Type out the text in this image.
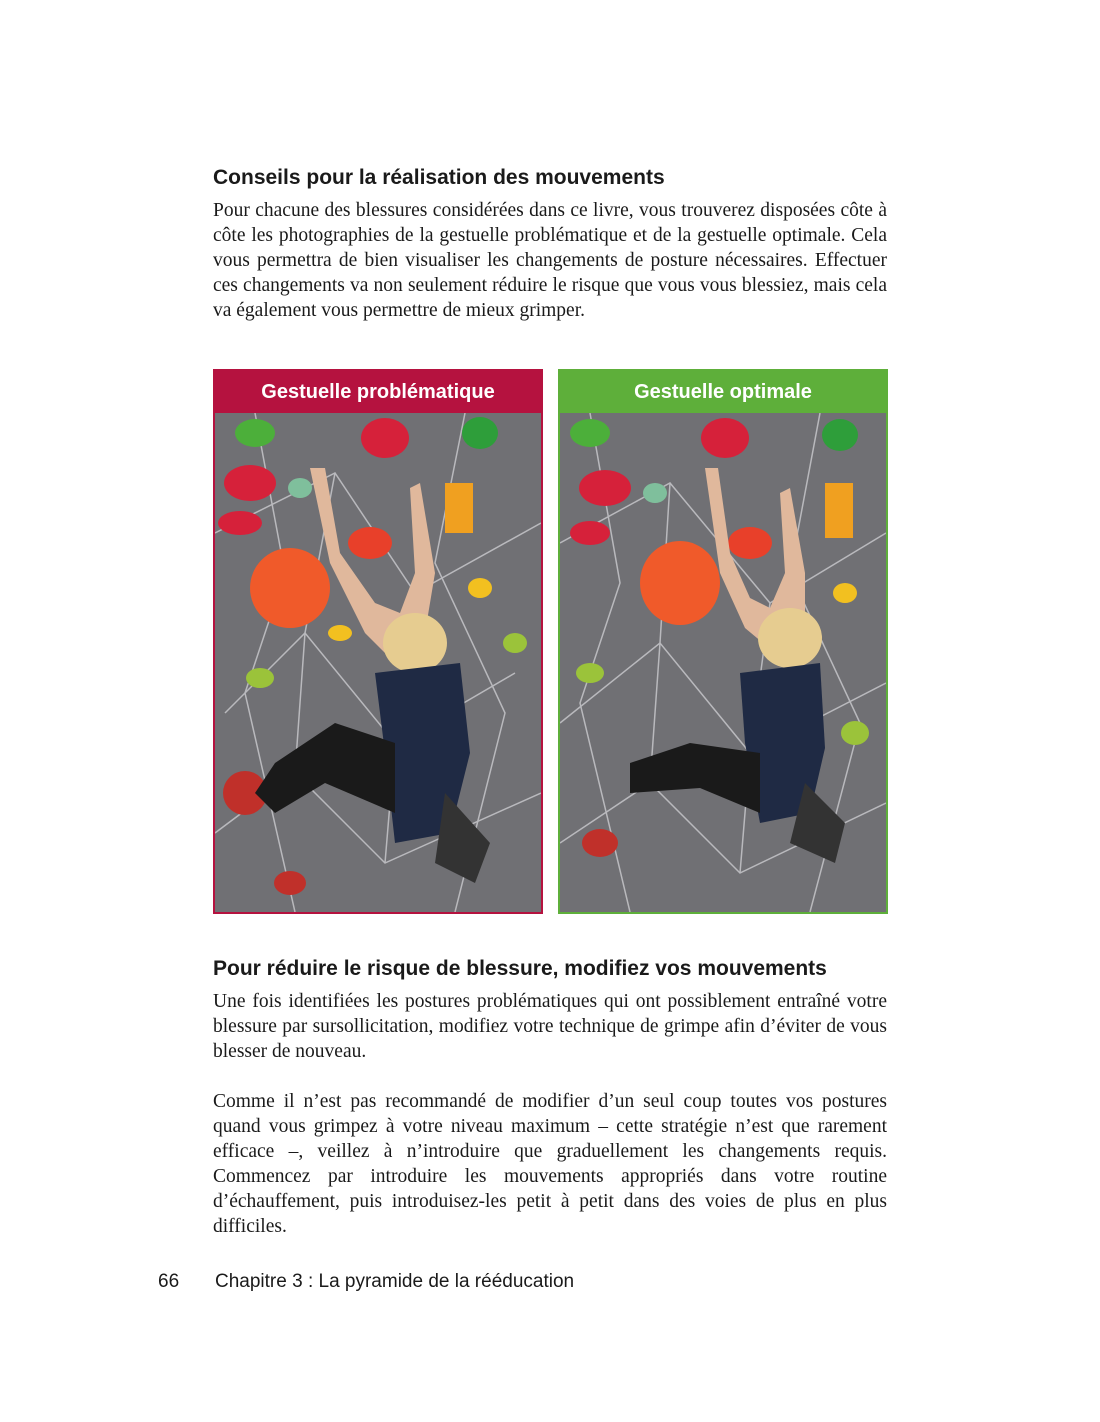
Conseils pour la réalisation des mouvements

Pour chacune des blessures considérées dans ce livre, vous trouverez disposées côte à côte les photographies de la gestuelle problématique et de la gestuelle optimale. Cela vous permettra de bien visualiser les changements de posture nécessaires. Effectuer ces changements va non seulement réduire le risque que vous vous blessiez, mais cela va également vous permettre de mieux grimper.

Gestuelle problématique	Gestuelle optimale
Pour réduire le risque de blessure, modifiez vos mouvements

Une fois identifiées les postures problématiques qui ont possiblement entraîné votre blessure par sursollicitation, modifiez votre technique de grimpe afin d’éviter de vous blesser de nouveau.

Comme il n’est pas recommandé de modifier d’un seul coup toutes vos postures quand vous grimpez à votre niveau maximum – cette stratégie n’est que rarement efficace –, veillez à n’introduire que graduellement les changements requis. Commencez par introduire les mouvements appropriés dans votre routine d’échauffement, puis introduisez-les petit à petit dans des voies de plus en plus difficiles.

66 Chapitre 3 : La pyramide de la rééducation
